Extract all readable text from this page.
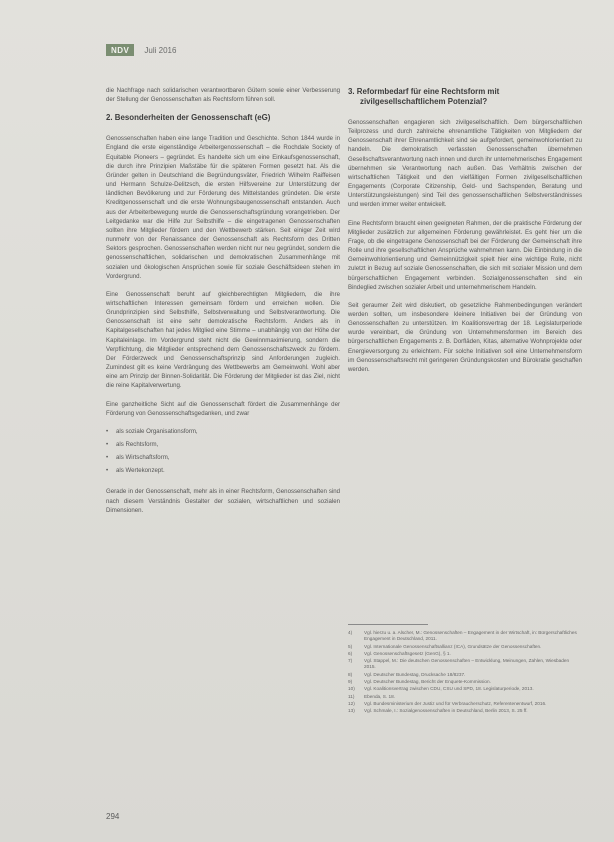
NDV	Juli 2016

die Nachfrage nach solidarischen verantwortbaren Gütern sowie einer Verbesserung der Stellung der Genossenschaften als Rechtsform führen soll.

2. Besonderheiten der Genossenschaft (eG)

Genossenschaften haben eine lange Tradition und Geschichte. Schon 1844 wurde in England die erste eigenständige Arbeitergenossenschaft – die Rochdale Society of Equitable Pioneers – gegründet. Es handelte sich um eine Einkaufsgenossenschaft, die durch ihre Prinzipien Maßstäbe für die späteren Formen gesetzt hat. Als die Gründer gelten in Deutschland die Begründungsväter, Friedrich Wilhelm Raiffeisen und Hermann Schulze-Delitzsch, die ersten Hilfsvereine zur Unterstützung der ländlichen Bevölkerung und zur Förderung des Mittelstandes gründeten. Die erste Kreditgenossenschaft und die erste Wohnungsbaugenossenschaft entstanden. Auch aus der Arbeiterbewegung wurde die Genossenschaftsgründung vorangetrieben. Der Leitgedanke war die Hilfe zur Selbsthilfe – die eingetragenen Genossenschaften sollten ihre Mitglieder fördern und den Wettbewerb stärken. Seit einiger Zeit wird nunmehr von der Renaissance der Genossenschaft als Rechtsform des Dritten Sektors gesprochen. Genossenschaften werden nicht nur neu gegründet, sondern die genossenschaftlichen, solidarischen und demokratischen Zusammenhänge mit sozialen und ökologischen Ansprüchen sowie für soziale Geschäftsideen stehen im Vordergrund.

Eine Genossenschaft beruht auf gleichberechtigten Mitgliedern, die ihre wirtschaftlichen Interessen gemeinsam fördern und erreichen wollen. Die Grundprinzipien sind Selbsthilfe, Selbstverwaltung und Selbstverantwortung. Die Genossenschaft ist eine sehr demokratische Rechtsform. Anders als in Kapitalgesellschaften hat jedes Mitglied eine Stimme – unabhängig von der Höhe der Kapitaleinlage. Im Vordergrund steht nicht die Gewinnmaximierung, sondern die Verpflichtung, die Mitglieder entsprechend dem Genossenschaftszweck zu fördern. Der Förderzweck und Genossenschaftsprinzip sind Anforderungen zugleich. Zumindest gilt es keine Verdrängung des Wettbewerbs am Gemeinwohl. Wohl aber eine am Prinzip der Binnen-Solidarität. Die Förderung der Mitglieder ist das Ziel, nicht die reine Kapitalverwertung.

Eine ganzheitliche Sicht auf die Genossenschaft fördert die Zusammenhänge der Förderung von Genossenschaftsgedanken, und zwar

• als soziale Organisationsform,
• als Rechtsform,
• als Wirtschaftsform,
• als Wertekonzept.

Gerade in der Genossenschaft, mehr als in einer Rechtsform, Genossenschaften sind nach diesem Verständnis Gestalter der sozialen, wirtschaftlichen und sozialen Dimensionen.

3. Reformbedarf für eine Rechtsform mit zivilgesellschaftlichem Potenzial?

Genossenschaften engagieren sich zivilgesellschaftlich. Dem bürgerschaftlichen Teilprozess und durch zahlreiche ehrenamtliche Tätigkeiten von Mitgliedern der Genossenschaft ihrer Ehrenamtlichkeit sind sie aufgefordert, gemeinwohlorientiert zu handeln. Die demokratisch verfassten Genossenschaften übernehmen Gesellschaftsverantwortung nach innen und durch ihr unternehmerisches Engagement übernehmen sie Verantwortung nach außen. Das Verhältnis zwischen der wirtschaftlichen Tätigkeit und den vielfältigen Formen zivilgesellschaftlichen Engagements (Corporate Citizenship, Geld- und Sachspenden, Beratung und Unterstützungsleistungen) sind Teil des genossenschaftlichen Selbstverständnisses und werden immer weiter entwickelt.

Eine Rechtsform braucht einen geeigneten Rahmen, der die praktische Förderung der Mitglieder zusätzlich zur allgemeinen Förderung gewährleistet. Es geht hier um die Frage, ob die eingetragene Genossenschaft bei der Förderung der Gemeinschaft ihre Rolle und ihre gesellschaftlichen Ansprüche wahrnehmen kann. Die Einbindung in die Gemeinwohlorientierung und Gemeinnützigkeit spielt hier eine wichtige Rolle, nicht zuletzt in Bezug auf soziale Genossenschaften, die sich mit sozialer Mission und dem bürgerschaftlichen Engagement verbinden. Sozialgenossenschaften sind ein Bindeglied zwischen sozialer Arbeit und unternehmerischem Handeln.

Seit geraumer Zeit wird diskutiert, ob gesetzliche Rahmenbedingungen verändert werden sollten, um insbesondere kleinere Initiativen bei der Gründung von Genossenschaften zu unterstützen. Im Koalitionsvertrag der 18. Legislaturperiode wurde vereinbart, die Gründung von Unternehmensformen im Bereich des bürgerschaftlichen Engagements z. B. Dorfläden, Kitas, alternative Wohnprojekte oder Energieversorgung zu erleichtern. Für solche Initiativen soll eine Unternehmensform im Genossenschaftsrecht mit geringeren Gründungskosten und Bürokratie geschaffen werden.

4)	Vgl. hierzu u. a. Alscher, M.: Genossenschaften – Engagement in der Wirtschaft, in: Bürgerschaftliches Engagement in Deutschland, 2011.
5)	Vgl. Internationale Genossenschaftsallianz (ICA), Grundsätze der Genossenschaften.
6)	Vgl. Genossenschaftsgesetz (GenG), § 1.
7)	Vgl. Stappel, M.: Die deutschen Genossenschaften – Entwicklung, Meinungen, Zahlen, Wiesbaden 2015.
8)	Vgl. Deutscher Bundestag, Drucksache 18/8237.
9)	Vgl. Deutscher Bundestag, Bericht der Enquete-Kommission.
10)	Vgl. Koalitionsvertrag zwischen CDU, CSU und SPD, 18. Legislaturperiode, 2013.
11)	Ebenda, S. 18.
12)	Vgl. Bundesministerium der Justiz und für Verbraucherschutz, Referentenentwurf, 2016.
13)	Vgl. Schmale, I.: Sozialgenossenschaften in Deutschland, Berlin 2013, S. 25 ff.
294
